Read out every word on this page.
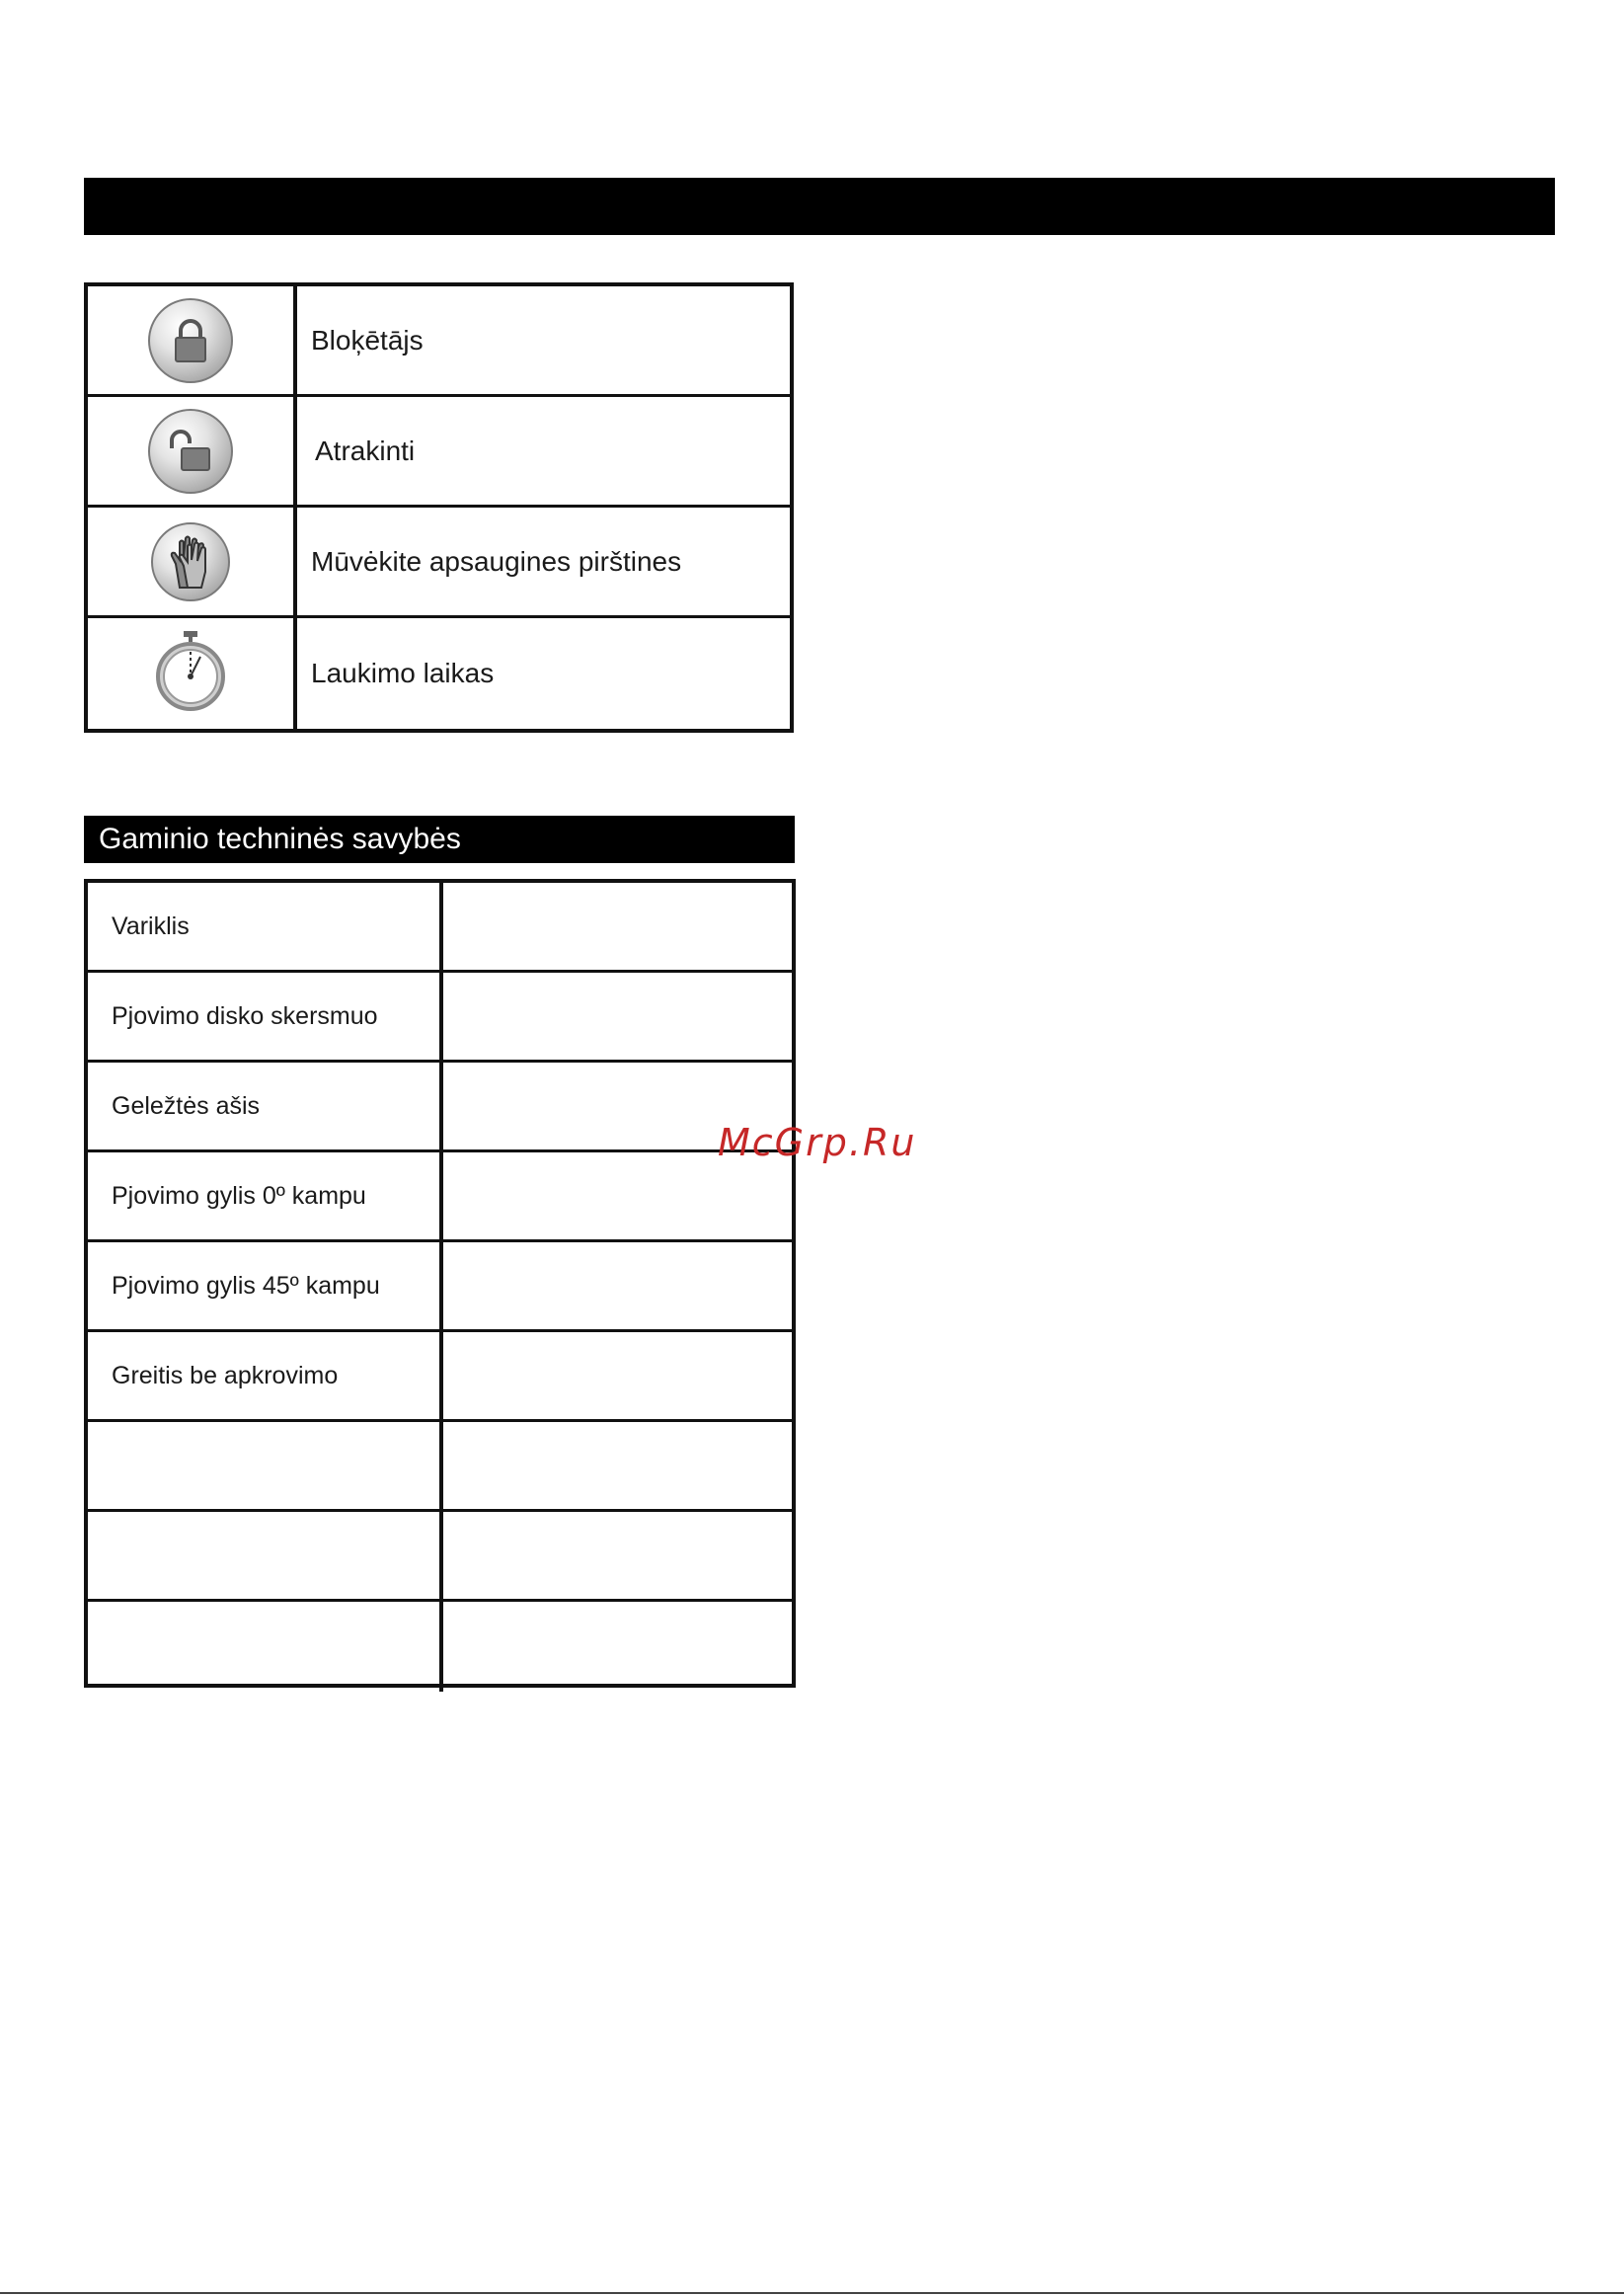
Bloķētājs
Atrakinti
Mūvėkite apsaugines pirštines
Laukimo laikas
Gaminio techninės savybės
Variklis
Pjovimo disko skersmuo
Geležtės ašis
Pjovimo gylis 0º kampu
Pjovimo gylis 45º kampu
Greitis be apkrovimo
McGrp.Ru
